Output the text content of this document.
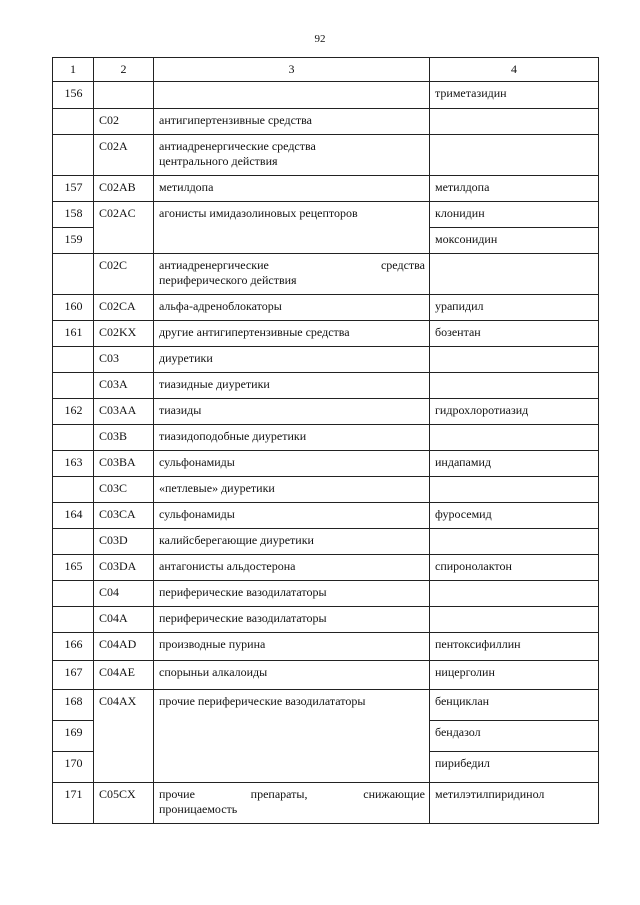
92
1	2	3	4
156			триметазидин
	C02	антигипертензивные средства	
	C02A	антиадренергические средства
центрального действия	

157	C02AB	метилдопа	метилдопа
158	C02AC	агонисты имидазолиновых рецепторов	клонидин
159			моксонидин
	C02C	антиадренергические средства
периферического действия	

160	C02CA	альфа-адреноблокаторы	урапидил
161	C02KX	другие антигипертензивные средства	бозентан
	C03	диуретики	
	C03A	тиазидные диуретики	
162	C03AA	тиазиды	гидрохлоротиазид
	C03B	тиазидоподобные диуретики	
163	C03BA	сульфонамиды	индапамид
	C03C	«петлевые» диуретики	
164	C03CA	сульфонамиды	фуросемид
	C03D	калийсберегающие диуретики	
165	C03DA	антагонисты альдостерона	спиронолактон
	C04	периферические вазодилататоры	
	C04A	периферические вазодилататоры	
166	C04AD	производные пурина	пентоксифиллин
167	C04AE	спорыньи алкалоиды	ницерголин
168	C04AX	прочие периферические вазодилататоры	бенциклан
169			бендазол
170			пирибедил
171	C05CX	прочие препараты, снижающие
проницаемость	метилэтилпиридинол
